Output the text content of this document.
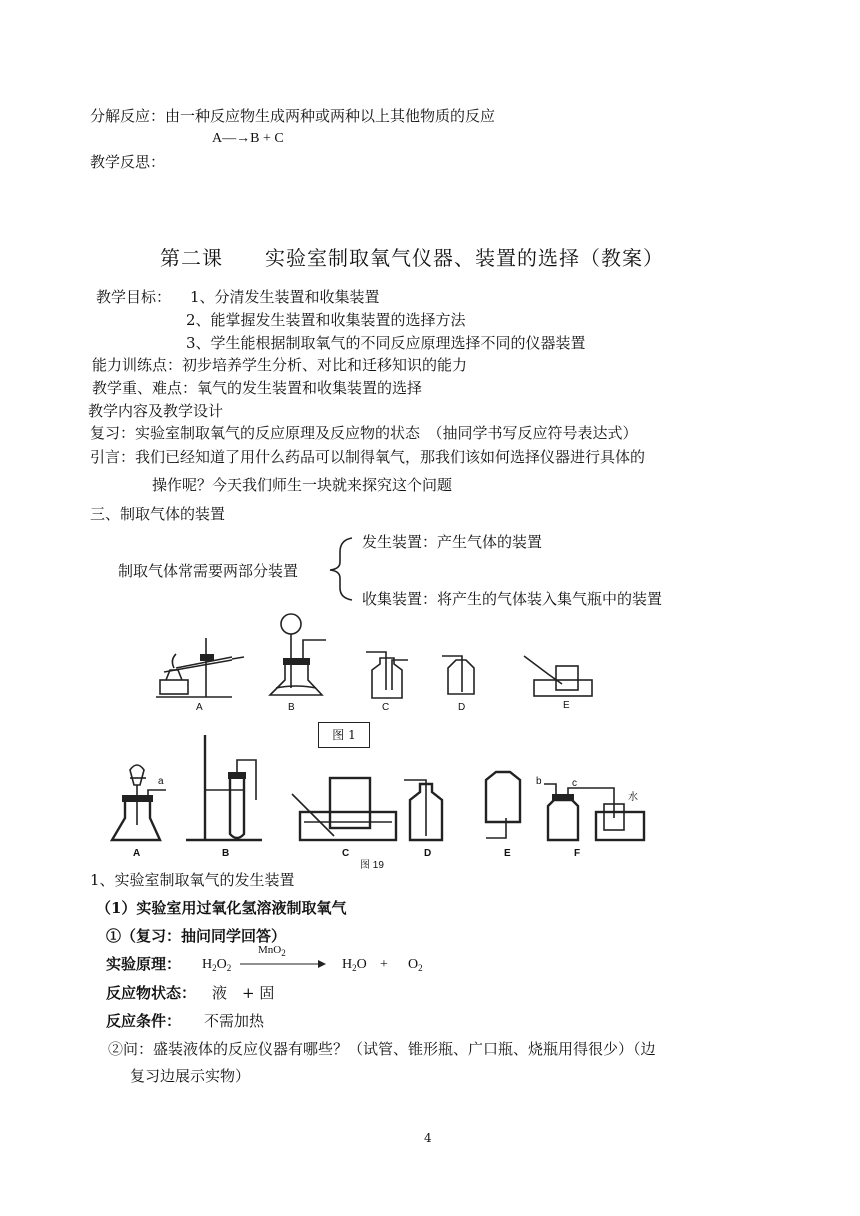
分解反应：由一种反应物生成两种或两种以上其他物质的反应
A—→B + C
教学反思：
第二课　　实验室制取氧气仪器、装置的选择（教案）
教学目标： 1、分清发生装置和收集装置
2、能掌握发生装置和收集装置的选择方法
3、学生能根据制取氧气的不同反应原理选择不同的仪器装置
能力训练点：初步培养学生分析、对比和迁移知识的能力
教学重、难点：氧气的发生装置和收集装置的选择
教学内容及教学设计
复习：实验室制取氧气的反应原理及反应物的状态　（抽同学书写反应符号表达式）
引言：我们已经知道了用什么药品可以制得氧气，那我们该如何选择仪器进行具体的
操作呢？今天我们师生一块就来探究这个问题
三、制取气体的装置
制取气体常需要两部分装置
发生装置：产生气体的装置
收集装置：将产生的气体装入集气瓶中的装置
A	B	C	D	E
图 1
A	B	C	D	E	F
图 19
a	b	c
水
1、实验室制取氧气的发生装置
（1）实验室用过氧化氢溶液制取氧气
①（复习：抽问同学回答）
实验原理： $H_2O_2$
MnO$_2$
$H_2O + O_2$
反应物状态： 液　+ 固
反应条件： 不需加热
②问：盛装液体的反应仪器有哪些？（试管、锥形瓶、广口瓶、烧瓶用得很少）（边
复习边展示实物）
4
